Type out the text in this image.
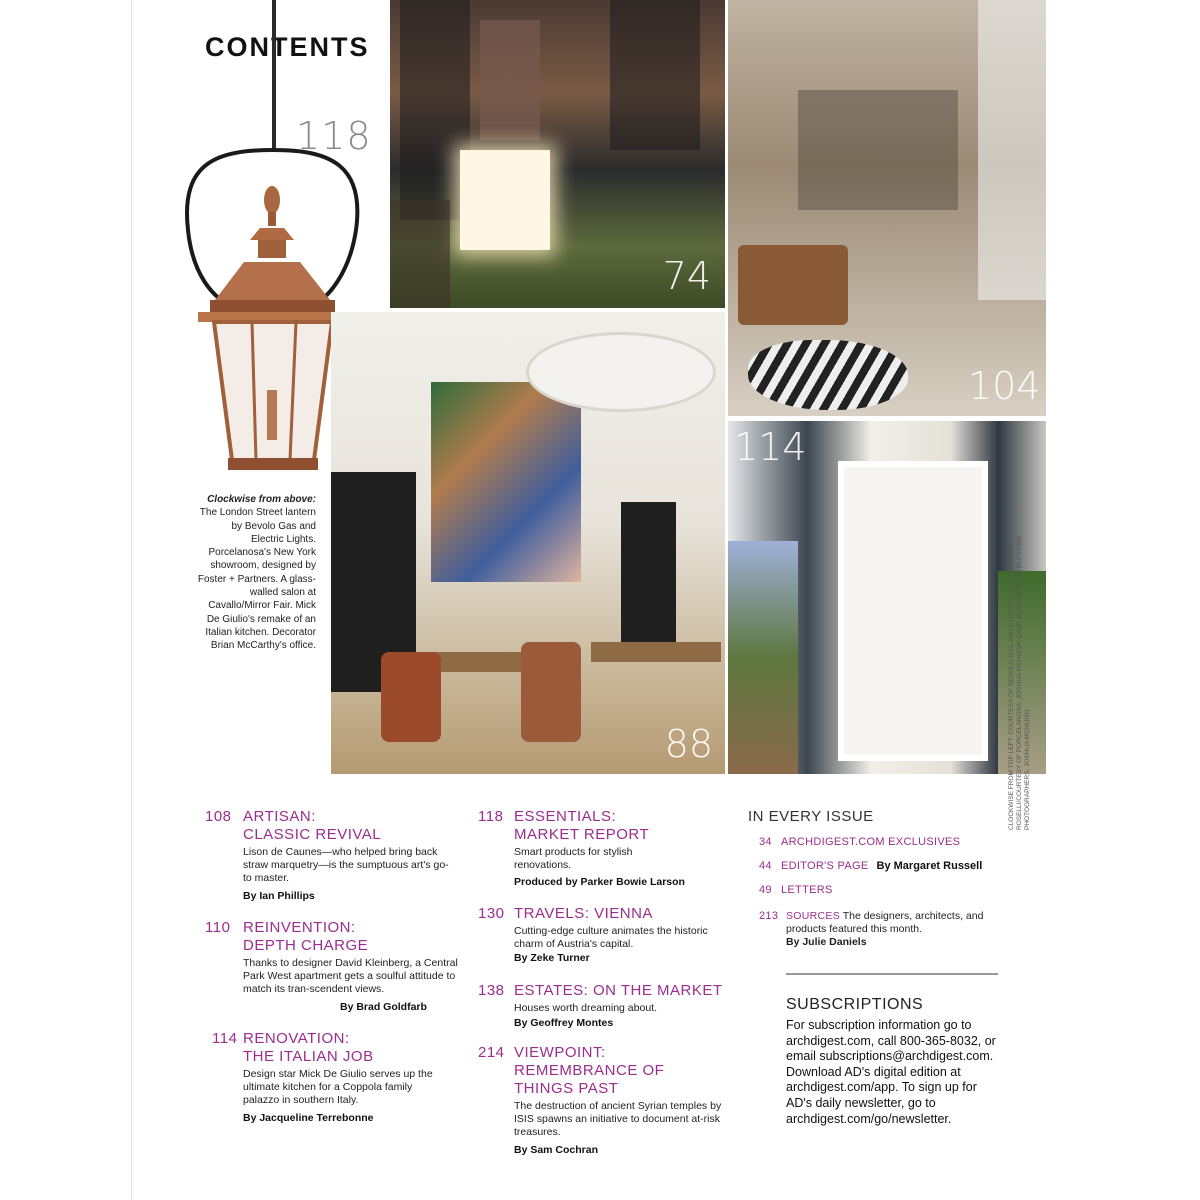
CONTENTS
118
74
104
88
114
Clockwise from above: The London Street lantern by Bevolo Gas and Electric Lights. Porcelanosa's New York showroom, designed by Foster + Partners. A glass-walled salon at Cavallo/Mirror Fair. Mick De Giulio's remake of an Italian kitchen. Decorator Brian McCarthy's office.
108 ARTISAN:
CLASSIC REVIVAL
Lison de Caunes—who helped bring back straw marquetry—is the sumptuous art's go-to master.
By Ian Phillips
110 REINVENTION:
DEPTH CHARGE
Thanks to designer David Kleinberg, a Central Park West apartment gets a soulful attitude to match its tran-scendent views.
By Brad Goldfarb
114 RENOVATION:
THE ITALIAN JOB
Design star Mick De Giulio serves up the ultimate kitchen for a Coppola family palazzo in southern Italy.
By Jacqueline Terrebonne
118 ESSENTIALS:
MARKET REPORT
Smart products for stylish renovations.
Produced by Parker Bowie Larson
130 TRAVELS: VIENNA
Cutting-edge culture animates the historic charm of Austria's capital.
By Zeke Turner
138 ESTATES: ON THE MARKET
Houses worth dreaming about.
By Geoffrey Montes
214 VIEWPOINT:
REMEMBRANCE OF
THINGS PAST
The destruction of ancient Syrian temples by ISIS spawns an initiative to document at-risk treasures.
By Sam Cochran
IN EVERY ISSUE
34 ARCHDIGEST.COM EXCLUSIVES
44 EDITOR'S PAGE By Margaret Russell
49 LETTERS
213 SOURCES The designers, architects, and products featured this month.
By Julie Daniels
SUBSCRIPTIONS
For subscription information go to archdigest.com, call 800-365-8032, or email subscriptions@archdigest.com. Download AD's digital edition at archdigest.com/app. To sign up for AD's daily newsletter, go to archdigest.com/go/newsletter.
CLOCKWISE FROM TOP LEFT: COURTESY OF BEVOLO GAS AND ELECTRIC LIGHTS; PAOLO ROSELLI/COURTESY OF PORCELANOSA; JOSHUA MCHUGH; DAVE BURK/HEDRICH BLESSING PHOTOGRAPHERS; JOSHUA MCHUGH
